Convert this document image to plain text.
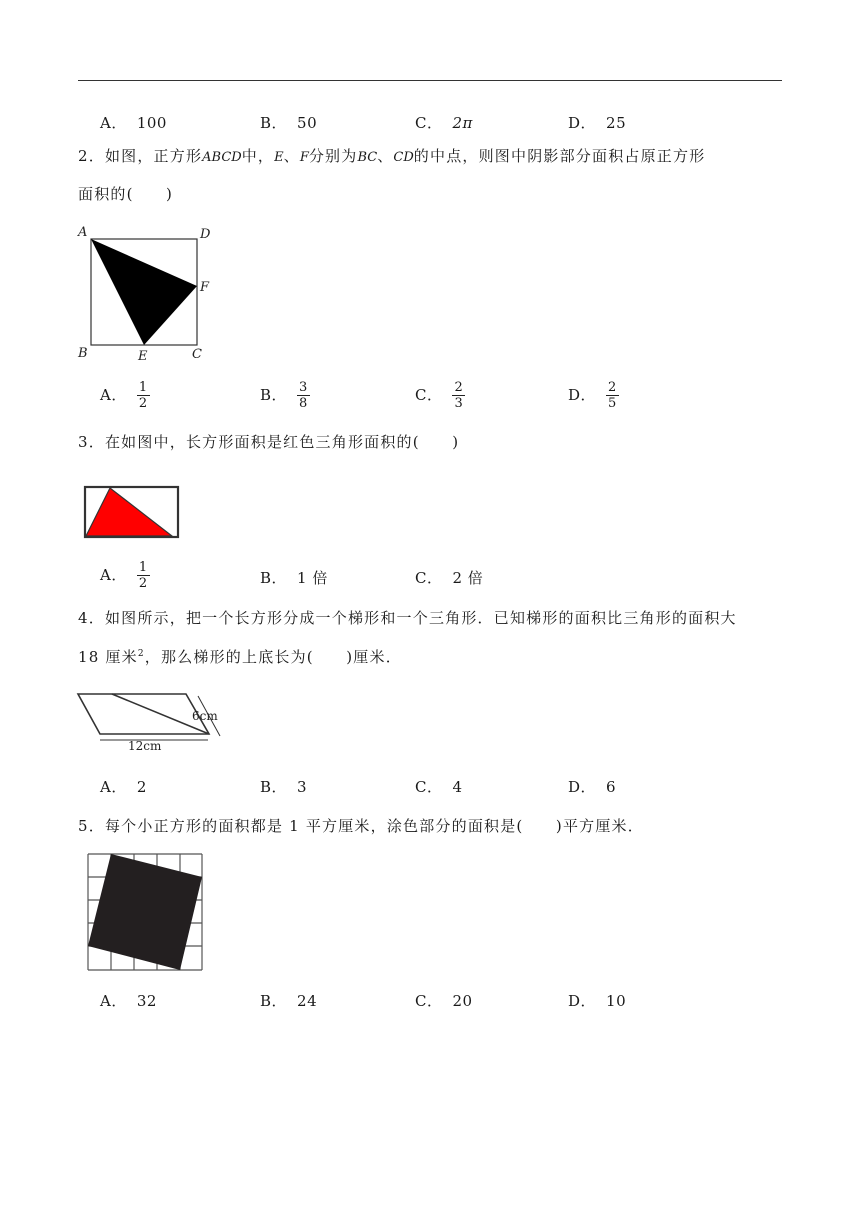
A． 100	B． 50	C． 2π	D． 25
2．如图，正方形ABCD中，E、F分别为BC、CD的中点，则图中阴影部分面积占原正方形
面积的(　　)
A	D
F
B	E	C
A． $\frac{1}{2}$	B． $\frac{3}{8}$	C． $\frac{2}{3}$	D． $\frac{2}{5}$
3．在如图中，长方形面积是红色三角形面积的(　　)
A． $\frac{1}{2}$	B． 1 倍	C． 2 倍
4．如图所示，把一个长方形分成一个梯形和一个三角形．已知梯形的面积比三角形的面积大
18 厘米$^2$，那么梯形的上底长为(　　)厘米．
6cm
12cm
A． 2	B． 3	C． 4	D． 6
5．每个小正方形的面积都是 1 平方厘米，涂色部分的面积是(　　)平方厘米．
A． 32	B． 24	C． 20	D． 10
